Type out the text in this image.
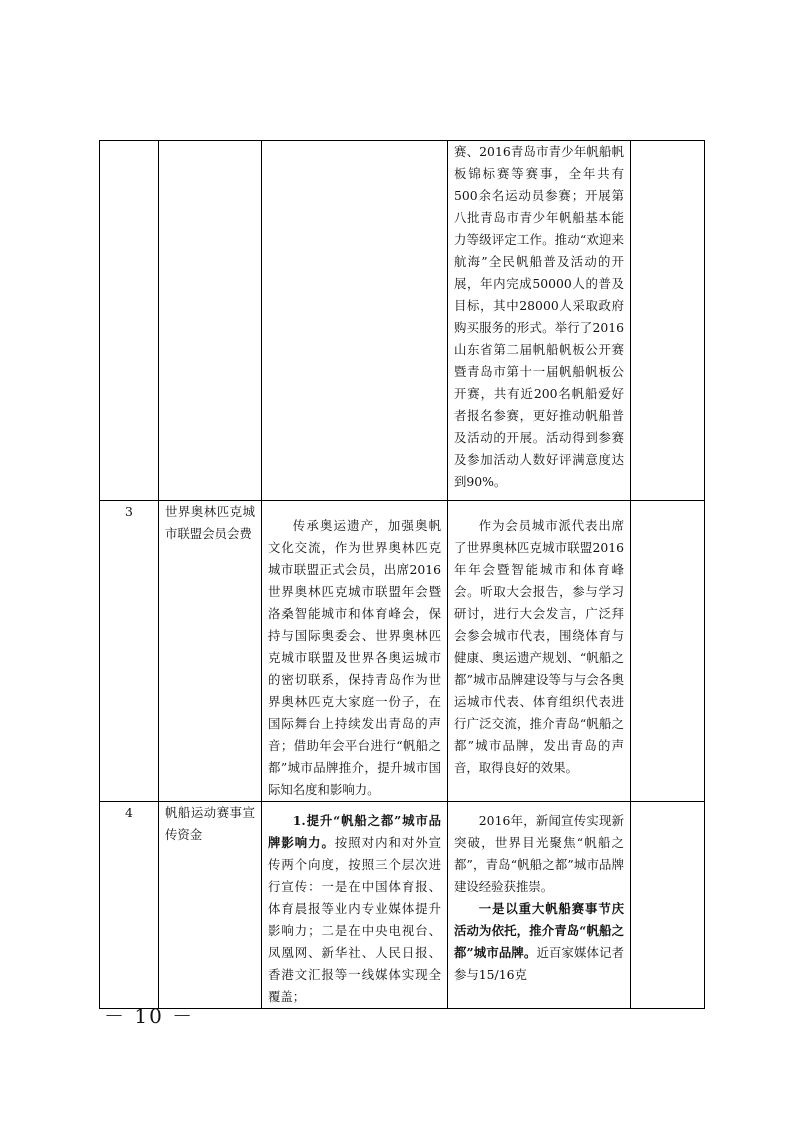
			赛、2016青岛市青少年帆船帆板锦标赛等赛事，全年共有500余名运动员参赛；开展第八批青岛市青少年帆船基本能力等级评定工作。推动“欢迎来航海”全民帆船普及活动的开展，年内完成50000人的普及目标，其中28000人采取政府购买服务的形式。举行了2016山东省第二届帆船帆板公开赛暨青岛市第十一届帆船帆板公开赛，共有近200名帆船爱好者报名参赛，更好推动帆船普及活动的开展。活动得到参赛及参加活动人数好评满意度达到90%。	

3	世界奥林匹克城市联盟会员会费	传承奥运遗产，加强奥帆文化交流，作为世界奥林匹克城市联盟正式会员，出席2016世界奥林匹克城市联盟年会暨洛桑智能城市和体育峰会，保持与国际奥委会、世界奥林匹克城市联盟及世界各奥运城市的密切联系，保持青岛作为世界奥林匹克大家庭一份子，在国际舞台上持续发出青岛的声音；借助年会平台进行“帆船之都”城市品牌推介，提升城市国际知名度和影响力。	作为会员城市派代表出席了世界奥林匹克城市联盟2016年年会暨智能城市和体育峰会。听取大会报告，参与学习研讨，进行大会发言，广泛拜会参会城市代表，围绕体育与健康、奥运遗产规划、“帆船之都”城市品牌建设等与与会各奥运城市代表、体育组织代表进行广泛交流，推介青岛“帆船之都”城市品牌，发出青岛的声音，取得良好的效果。	

4	帆船运动赛事宣传资金	1.提升“帆船之都”城市品牌影响力。按照对内和对外宣传两个向度，按照三个层次进行宣传：一是在中国体育报、体育晨报等业内专业媒体提升影响力；二是在中央电视台、凤凰网、新华社、人民日报、香港文汇报等一线媒体实现全覆盖；	2016年，新闻宣传实现新突破，世界目光聚焦“帆船之都”，青岛“帆船之都”城市品牌建设经验获推崇。

一是以重大帆船赛事节庆活动为依托，推介青岛“帆船之都”城市品牌。近百家媒体记者参与15/16克	

－ 10 －
